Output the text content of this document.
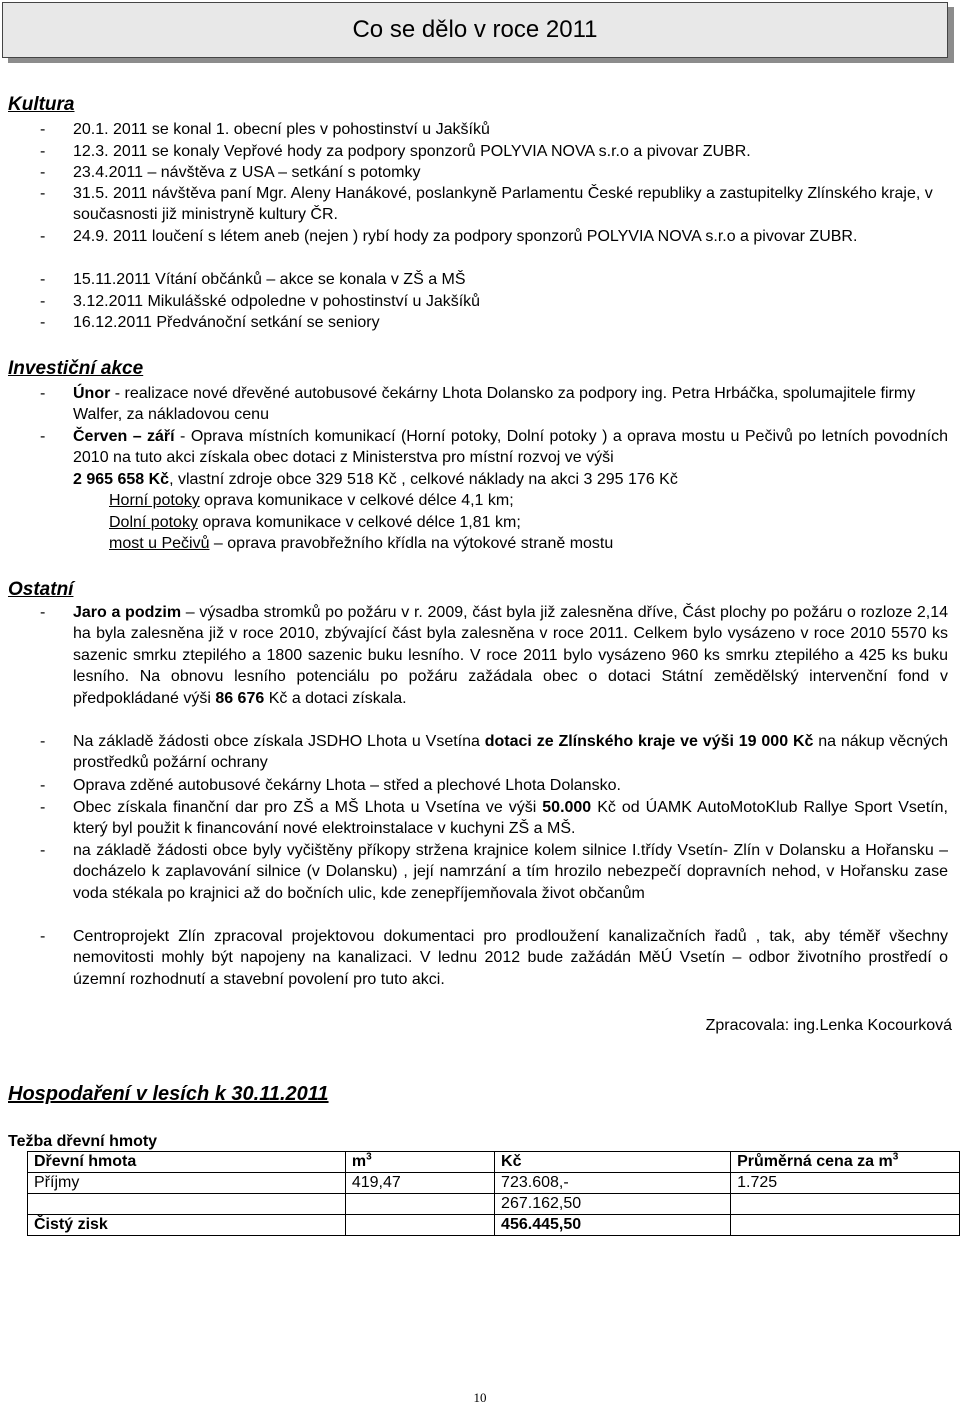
Co se dělo v roce 2011
Kultura
- 20.1. 2011 se konal 1. obecní ples v pohostinství u Jakšíků
- 12.3. 2011 se konaly Vepřové hody za podpory sponzorů POLYVIA NOVA s.r.o a pivovar ZUBR.
- 23.4.2011 – návštěva z USA – setkání s potomky
- 31.5. 2011 návštěva paní Mgr. Aleny Hanákové, poslankyně Parlamentu České republiky a zastupitelky Zlínského kraje, v současnosti již ministryně kultury ČR.
- 24.9. 2011 loučení s létem aneb (nejen ) rybí hody za podpory sponzorů POLYVIA NOVA s.r.o a pivovar ZUBR.
- 15.11.2011 Vítání občánků – akce se konala v ZŠ a MŠ
- 3.12.2011 Mikulášské odpoledne v pohostinství u Jakšíků
- 16.12.2011 Předvánoční setkání se seniory
Investiční akce
- Únor - realizace nové dřevěné autobusové čekárny Lhota Dolansko za podpory ing. Petra Hrbáčka, spolumajitele firmy Walfer, za nákladovou cenu
- Červen – září - Oprava místních komunikací (Horní potoky, Dolní potoky ) a oprava mostu u Pečivů po letních povodních 2010 na tuto akci získala obec dotaci z Ministerstva pro místní rozvoj ve výši
2 965 658 Kč, vlastní zdroje obce 329 518 Kč , celkové náklady na akci 3 295 176 Kč
Horní potoky oprava komunikace v celkové délce 4,1 km;
Dolní potoky oprava komunikace v celkové délce 1,81 km;
most u Pečivů – oprava pravobřežního křídla na výtokové straně mostu
Ostatní
- Jaro a podzim – výsadba stromků po požáru v r. 2009, část byla již zalesněna dříve, Část plochy po požáru o rozloze 2,14 ha byla zalesněna již v roce 2010, zbývající část byla zalesněna v roce 2011. Celkem bylo vysázeno v roce 2010 5570 ks sazenic smrku ztepilého a 1800 sazenic buku lesního. V roce 2011 bylo vysázeno 960 ks smrku ztepilého a 425 ks buku lesního. Na obnovu lesního potenciálu po požáru zažádala obec o dotaci Státní zemědělský intervenční fond v předpokládané výši 86 676 Kč a dotaci získala.
- Na základě žádosti obce získala JSDHO Lhota u Vsetína dotaci ze Zlínského kraje ve výši 19 000 Kč na nákup věcných prostředků požární ochrany
- Oprava zděné autobusové čekárny Lhota – střed a plechové Lhota Dolansko.
- Obec získala finanční dar pro ZŠ a MŠ Lhota u Vsetína ve výši 50.000 Kč od ÚAMK AutoMotoKlub Rallye Sport Vsetín, který byl použit k financování nové elektroinstalace v kuchyni ZŠ a MŠ.
- na základě žádosti obce byly vyčištěny příkopy stržena krajnice kolem silnice I.třídy Vsetín- Zlín v Dolansku a Hořansku – docházelo k zaplavování silnice (v Dolansku) , její namrzání a tím hrozilo nebezpečí dopravních nehod, v Hořansku zase voda stékala po krajnici až do bočních ulic, kde zenepříjemňovala život občanům
- Centroprojekt Zlín zpracoval projektovou dokumentaci pro prodloužení kanalizačních řadů , tak, aby téměř všechny nemovitosti mohly být napojeny na kanalizaci. V lednu 2012 bude zažádán MěÚ Vsetín – odbor životního prostředí o územní rozhodnutí a stavební povolení pro tuto akci.
Zpracovala: ing.Lenka Kocourková
Hospodaření v lesích k 30.11.2011
Težba dřevní hmoty
Dřevní hmota	$m^3$	Kč	Průměrná cena za $m^3$
Příjmy	419,47	723.608,-	1.725
		267.162,50	
Čistý zisk		456.445,50	
10
